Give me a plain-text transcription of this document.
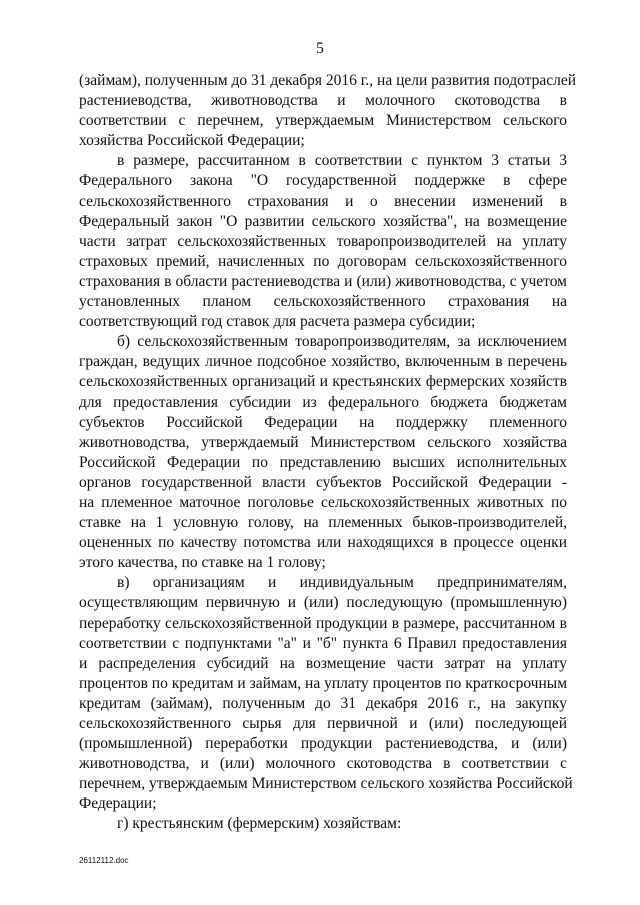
5

(займам), полученным до 31 декабря 2016 г., на цели развития подотраслей
растениеводства, животноводства и молочного скотоводства в
соответствии с перечнем, утверждаемым Министерством сельского
хозяйства Российской Федерации;

в размере, рассчитанном в соответствии с пунктом 3 статьи 3
Федерального закона "О государственной поддержке в сфере
сельскохозяйственного страхования и о внесении изменений в
Федеральный закон "О развитии сельского хозяйства", на возмещение
части затрат сельскохозяйственных товаропроизводителей на уплату
страховых премий, начисленных по договорам сельскохозяйственного
страхования в области растениеводства и (или) животноводства, с учетом
установленных планом сельскохозяйственного страхования на
соответствующий год ставок для расчета размера субсидии;

б) сельскохозяйственным товаропроизводителям, за исключением
граждан, ведущих личное подсобное хозяйство, включенным в перечень
сельскохозяйственных организаций и крестьянских фермерских хозяйств
для предоставления субсидии из федерального бюджета бюджетам
субъектов Российской Федерации на поддержку племенного
животноводства, утверждаемый Министерством сельского хозяйства
Российской Федерации по представлению высших исполнительных
органов государственной власти субъектов Российской Федерации -
на племенное маточное поголовье сельскохозяйственных животных по
ставке на 1 условную голову, на племенных быков-производителей,
оцененных по качеству потомства или находящихся в процессе оценки
этого качества, по ставке на 1 голову;

в) организациям и индивидуальным предпринимателям,
осуществляющим первичную и (или) последующую (промышленную)
переработку сельскохозяйственной продукции в размере, рассчитанном в
соответствии с подпунктами "а" и "б" пункта 6 Правил предоставления
и распределения субсидий на возмещение части затрат на уплату
процентов по кредитам и займам, на уплату процентов по краткосрочным
кредитам (займам), полученным до 31 декабря 2016 г., на закупку
сельскохозяйственного сырья для первичной и (или) последующей
(промышленной) переработки продукции растениеводства, и (или)
животноводства, и (или) молочного скотоводства в соответствии с
перечнем, утверждаемым Министерством сельского хозяйства Российской
Федерации;

г) крестьянским (фермерским) хозяйствам:

26112112.doc
